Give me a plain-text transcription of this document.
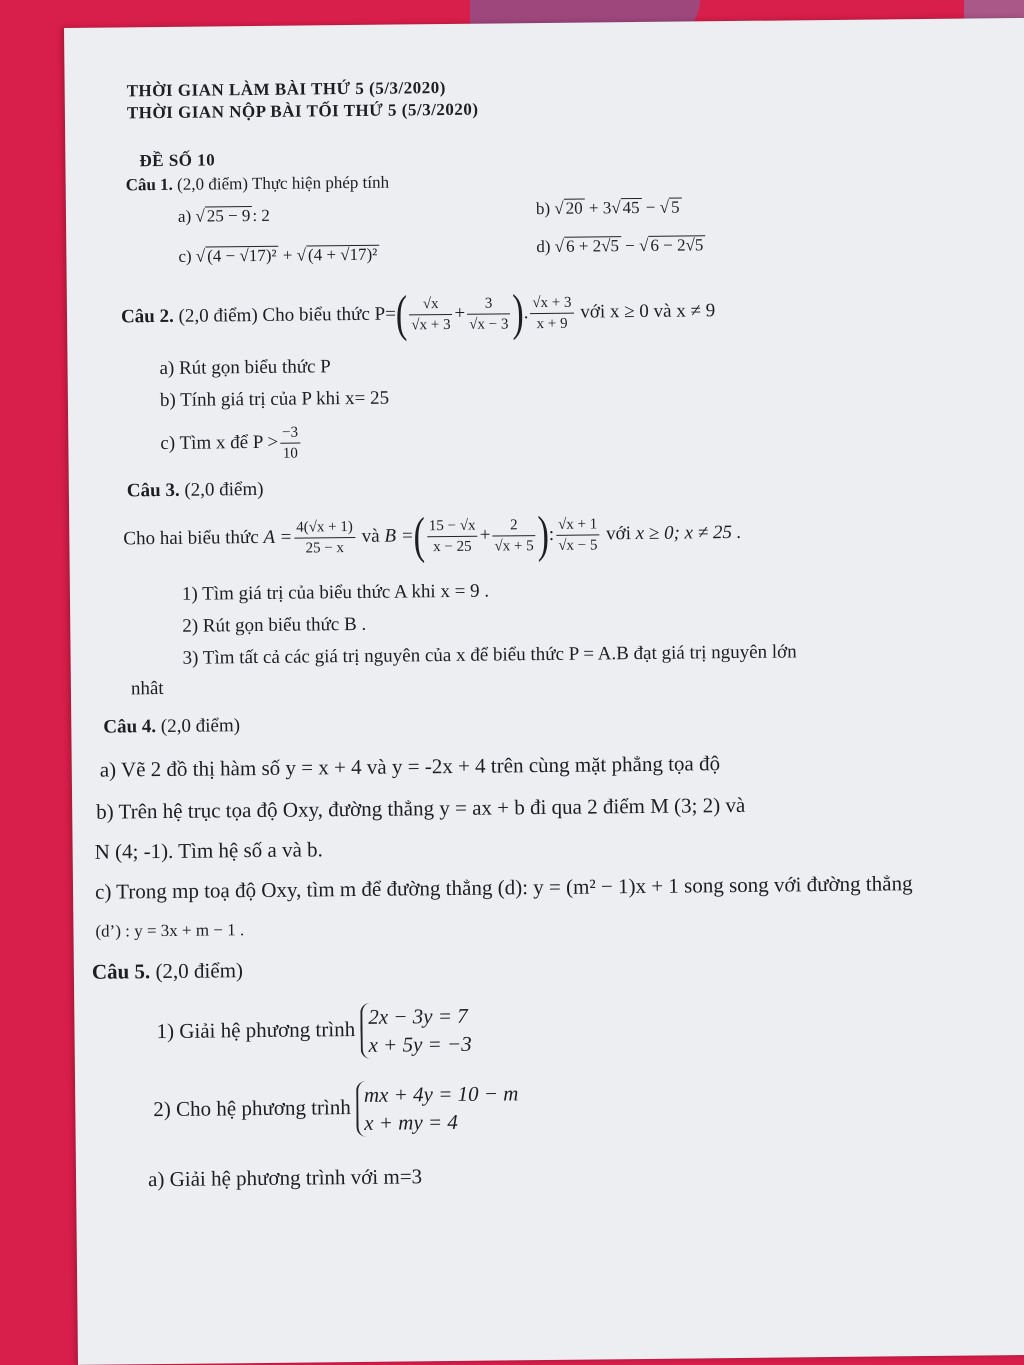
THỜI GIAN LÀM BÀI THỨ 5 (5/3/2020)
THỜI GIAN NỘP BÀI TỐI THỨ 5 (5/3/2020)
ĐỀ SỐ 10
Câu 1. (2,0 điểm) Thực hiện phép tính
a) √ 25 − 9 : 2	b) √ 20 + 3√ 45 − √ 5
c) √ (4 − √17)² + √ (4 + √17)²	d) √ 6 + 2√5 − √ 6 − 2√5
Câu 2. (2,0 điểm) Cho biểu thức $P=( \frac{√x}{√x + 3} + \frac{3}{√x - 3}$ ). $\frac{√x + 3}{x + 9}$ với x ≥ 0 và x ≠ 9
a) Rút gọn biểu thức P
b) Tính giá trị của P khi x= 25
c) Tìm x để $P > \frac{-3}{10}$
Câu 3. (2,0 điểm)
Cho hai biểu thức $A = \frac{4(√x + 1)}{25 - x}$ và B =( $\frac{15 - √x}{x - 25} + \frac{2}{√x + 5}$ ): $\frac{√x + 1}{√x - 5}$ với x ≥ 0; x ≠ 25 .
1) Tìm giá trị của biểu thức A khi x = 9 .
2) Rút gọn biểu thức B .
3) Tìm tất cả các giá trị nguyên của x để biểu thức P = A.B đạt giá trị nguyên lớn
nhât
Câu 4. (2,0 điểm)
a) Vẽ 2 đồ thị hàm số y = x + 4 và y = -2x + 4 trên cùng mặt phẳng tọa độ
b) Trên hệ trục tọa độ Oxy, đường thẳng y = ax + b đi qua 2 điểm M (3; 2) và
N (4; -1). Tìm hệ số a và b.
c) Trong mp toạ độ Oxy, tìm m để đường thẳng (d): y = (m² − 1)x + 1 song song với đường thẳng
(d’) : y = 3x + m − 1 .
Câu 5. (2,0 điểm)
1) Giải hệ phương trình
2x − 3y = 7
x + 5y = −3
2) Cho hệ phương trình
mx + 4y = 10 − m
x + my = 4
a) Giải hệ phương trình với m=3
